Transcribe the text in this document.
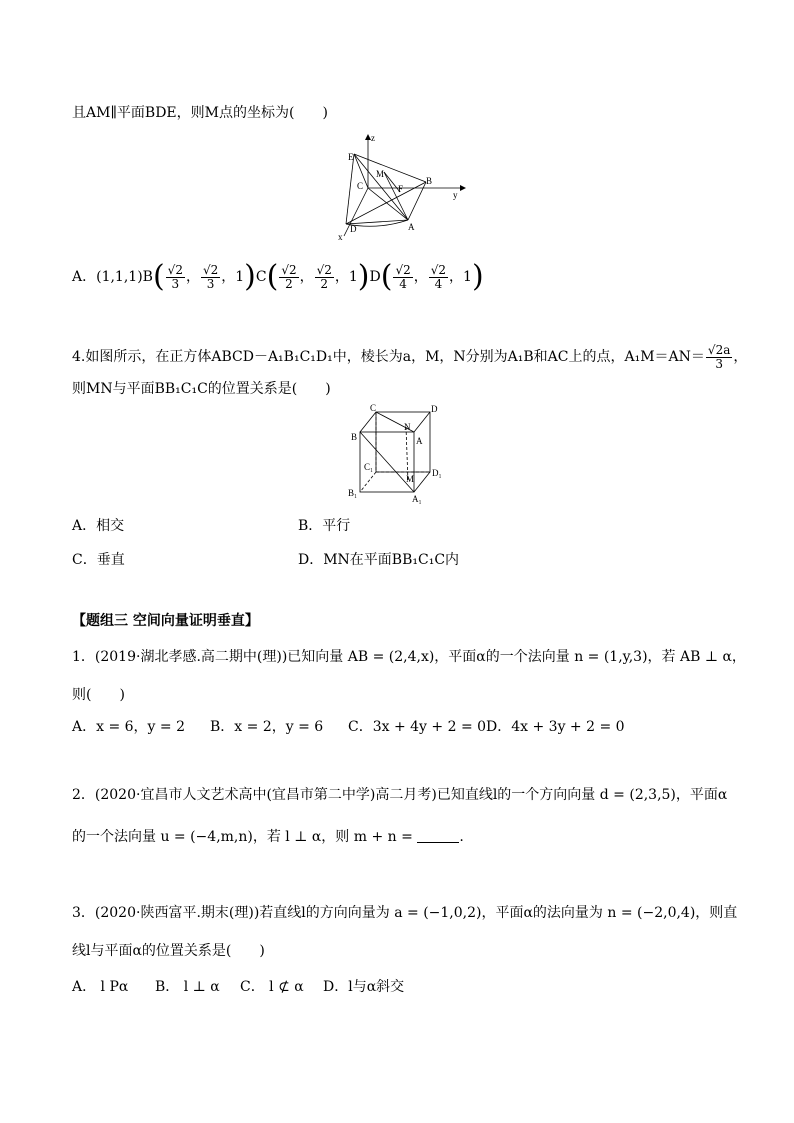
且AM∥平面BDE，则M点的坐标为(　　)
z
E
M
F
C	B
y
D	A
x
A．$(1,1,1)B( \frac{√2}{3}$ ， $\frac{√2}{3}$ ，$1)C( \frac{√2}{2}$ ， $\frac{√2}{2}$ ，$1)D( \frac{√2}{4}$ ， $\frac{√2}{4}$ ，1)
4.如图所示，在正方体ABCD－A₁B₁C₁D₁中，棱长为a，M，N分别为A₁B和AC上的点，$A_1M=AN= \frac{√2a}{3}$ ，
则MN与平面BB₁C₁C的位置关系是(　　)
C	D
N
B	A
C₁
D₁
M
B₁
A₁
A．相交	B．平行
C．垂直	D．MN在平面BB₁C₁C内
【题组三 空间向量证明垂直】
1．(2019·湖北孝感.高二期中(理))已知向量 AB = (2,4,x)，平面α的一个法向量 n = (1,y,3)，若 AB ⊥ α，
则(　　)
A．x = 6，y = 2 B．x = 2，y = 6 C．3x + 4y + 2 = 0 D．4x + 3y + 2 = 0
2．(2020·宜昌市人文艺术高中(宜昌市第二中学)高二月考)已知直线l的一个方向向量 d = (2,3,5)，平面α
的一个法向量 u = (−4,m,n)，若 l ⊥ α，则 m + n =	.
3．(2020·陕西富平.期末(理))若直线l的方向向量为 a = (−1,0,2)，平面α的法向量为 n = (−2,0,4)，则直
线l与平面α的位置关系是(　　)
A． l Pα B． l ⊥ α C． l ⊄ α D．l与α斜交
